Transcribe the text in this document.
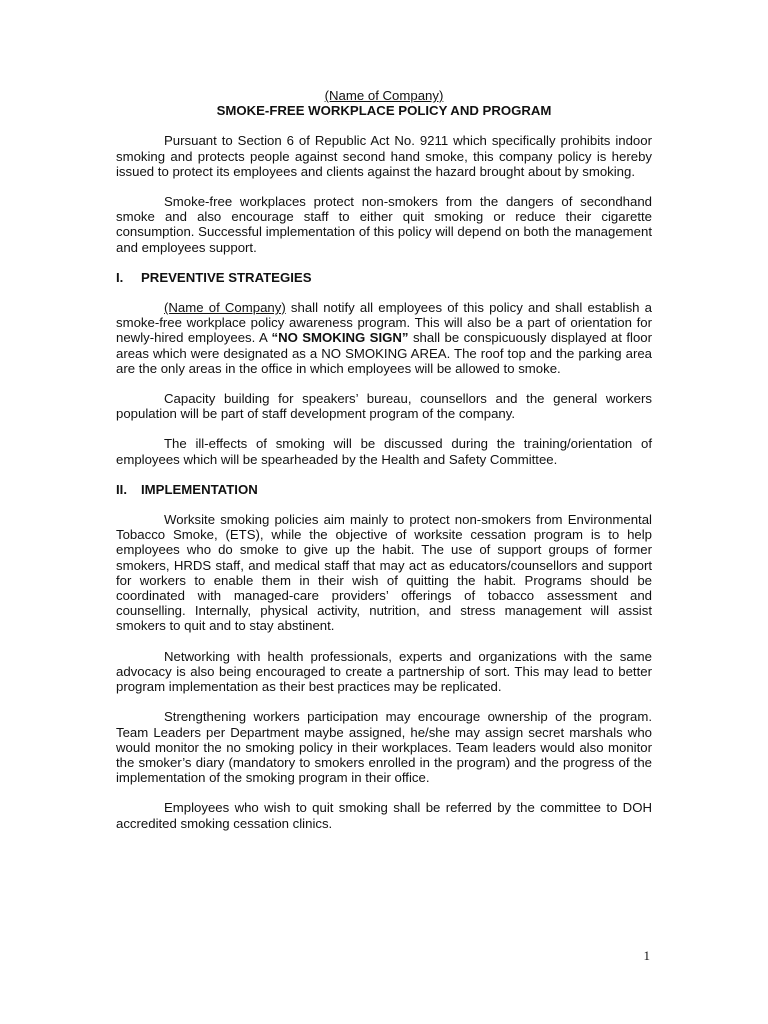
(Name of Company)
SMOKE-FREE WORKPLACE POLICY AND PROGRAM

Pursuant to Section 6 of Republic Act No. 9211 which specifically prohibits indoor smoking and protects people against second hand smoke, this company policy is hereby issued to protect its employees and clients against the hazard brought about by smoking.

Smoke-free workplaces protect non-smokers from the dangers of secondhand smoke and also encourage staff to either quit smoking or reduce their cigarette consumption. Successful implementation of this policy will depend on both the management and employees support.

I.	PREVENTIVE STRATEGIES

(Name of Company) shall notify all employees of this policy and shall establish a smoke-free workplace policy awareness program. This will also be a part of orientation for newly-hired employees. A “NO SMOKING SIGN” shall be conspicuously displayed at floor areas which were designated as a NO SMOKING AREA. The roof top and the parking area are the only areas in the office in which employees will be allowed to smoke.

Capacity building for speakers’ bureau, counsellors and the general workers population will be part of staff development program of the company.

The ill-effects of smoking will be discussed during the training/orientation of employees which will be spearheaded by the Health and Safety Committee.

II.	IMPLEMENTATION

Worksite smoking policies aim mainly to protect non-smokers from Environmental Tobacco Smoke, (ETS), while the objective of worksite cessation program is to help employees who do smoke to give up the habit. The use of support groups of former smokers, HRDS staff, and medical staff that may act as educators/counsellors and support for workers to enable them in their wish of quitting the habit. Programs should be coordinated with managed-care providers’ offerings of tobacco assessment and counselling. Internally, physical activity, nutrition, and stress management will assist smokers to quit and to stay abstinent.

Networking with health professionals, experts and organizations with the same advocacy is also being encouraged to create a partnership of sort. This may lead to better program implementation as their best practices may be replicated.

Strengthening workers participation may encourage ownership of the program. Team Leaders per Department maybe assigned, he/she may assign secret marshals who would monitor the no smoking policy in their workplaces. Team leaders would also monitor the smoker’s diary (mandatory to smokers enrolled in the program) and the progress of the implementation of the smoking program in their office.

Employees who wish to quit smoking shall be referred by the committee to DOH accredited smoking cessation clinics.

1
